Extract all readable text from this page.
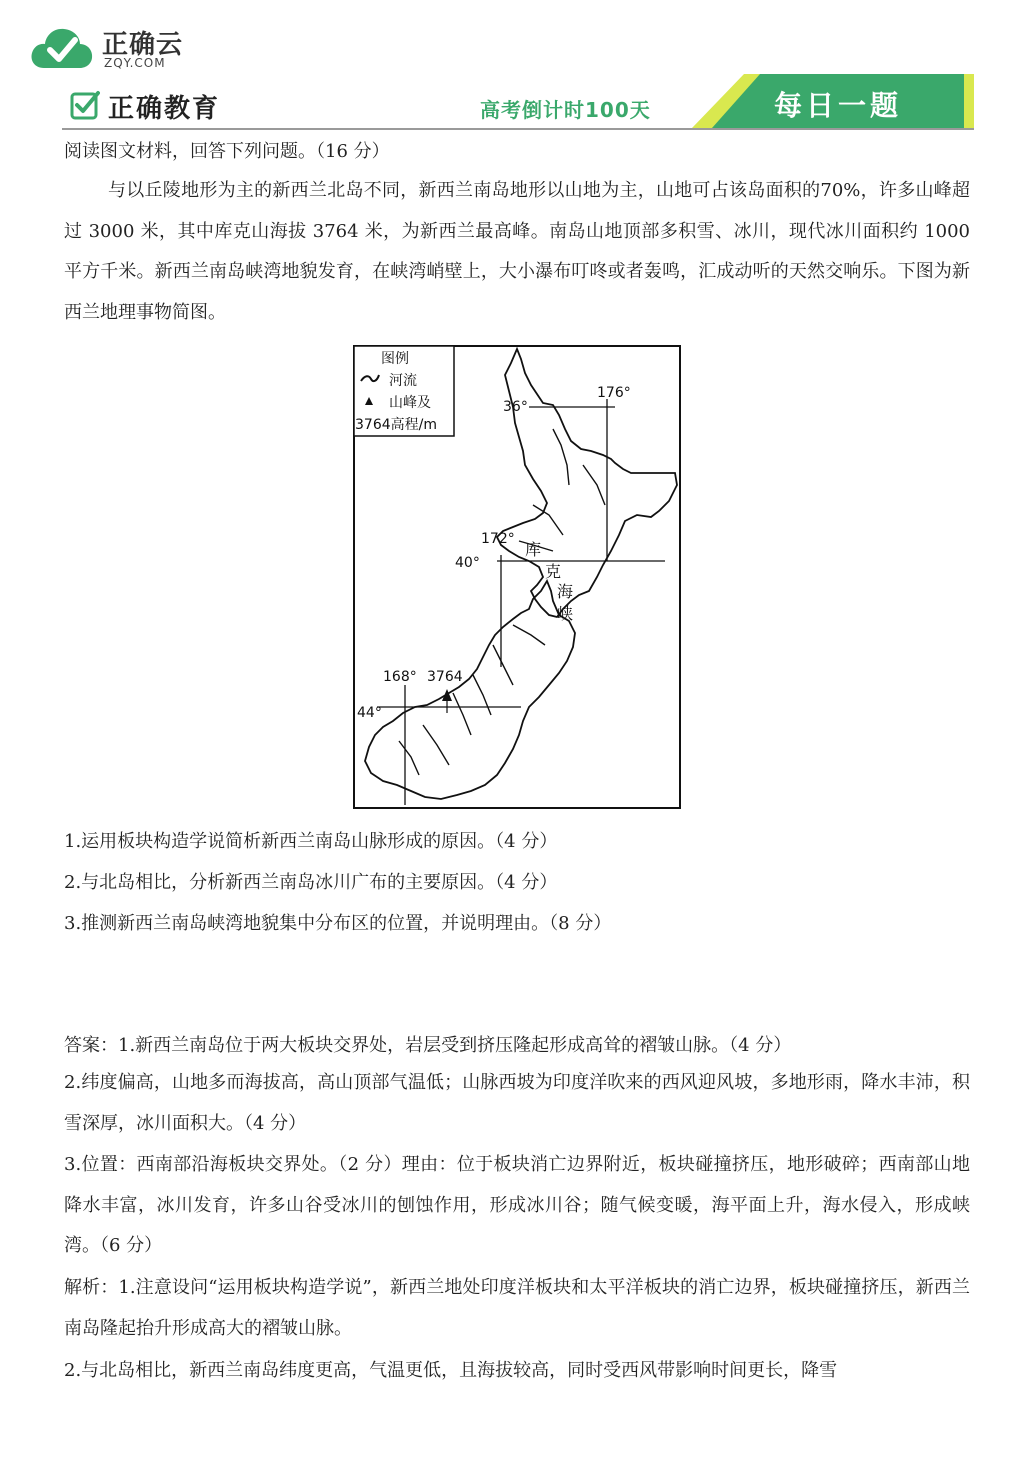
正确云
ZQY.COM
正确教育	高考倒计时100天	每日一题
阅读图文材料，回答下列问题。（16 分）
与以丘陵地形为主的新西兰北岛不同，新西兰南岛地形以山地为主，山地可占该岛面积的70%，许多山峰超过 3000 米，其中库克山海拔 3764 米，为新西兰最高峰。南岛山地顶部多积雪、冰川，现代冰川面积约 1000 平方千米。新西兰南岛峡湾地貌发育，在峡湾峭壁上，大小瀑布叮咚或者轰鸣，汇成动听的天然交响乐。下图为新西兰地理事物简图。
图例
河流
山峰及
3764高程/m
36°
176°
172°
40°
168°
44°
3764
库
克
海
峡
1.运用板块构造学说简析新西兰南岛山脉形成的原因。（4 分）
2.与北岛相比，分析新西兰南岛冰川广布的主要原因。（4 分）
3.推测新西兰南岛峡湾地貌集中分布区的位置，并说明理由。（8 分）
答案：1.新西兰南岛位于两大板块交界处，岩层受到挤压隆起形成高耸的褶皱山脉。（4 分）
2.纬度偏高，山地多而海拔高，高山顶部气温低；山脉西坡为印度洋吹来的西风迎风坡，多地形雨，降水丰沛，积雪深厚，冰川面积大。（4 分）
3.位置：西南部沿海板块交界处。（2 分）理由：位于板块消亡边界附近，板块碰撞挤压，地形破碎；西南部山地降水丰富，冰川发育，许多山谷受冰川的刨蚀作用，形成冰川谷；随气候变暖，海平面上升，海水侵入，形成峡湾。（6 分）
解析：1.注意设问“运用板块构造学说”，新西兰地处印度洋板块和太平洋板块的消亡边界，板块碰撞挤压，新西兰南岛隆起抬升形成高大的褶皱山脉。
2.与北岛相比，新西兰南岛纬度更高，气温更低，且海拔较高，同时受西风带影响时间更长，降雪
